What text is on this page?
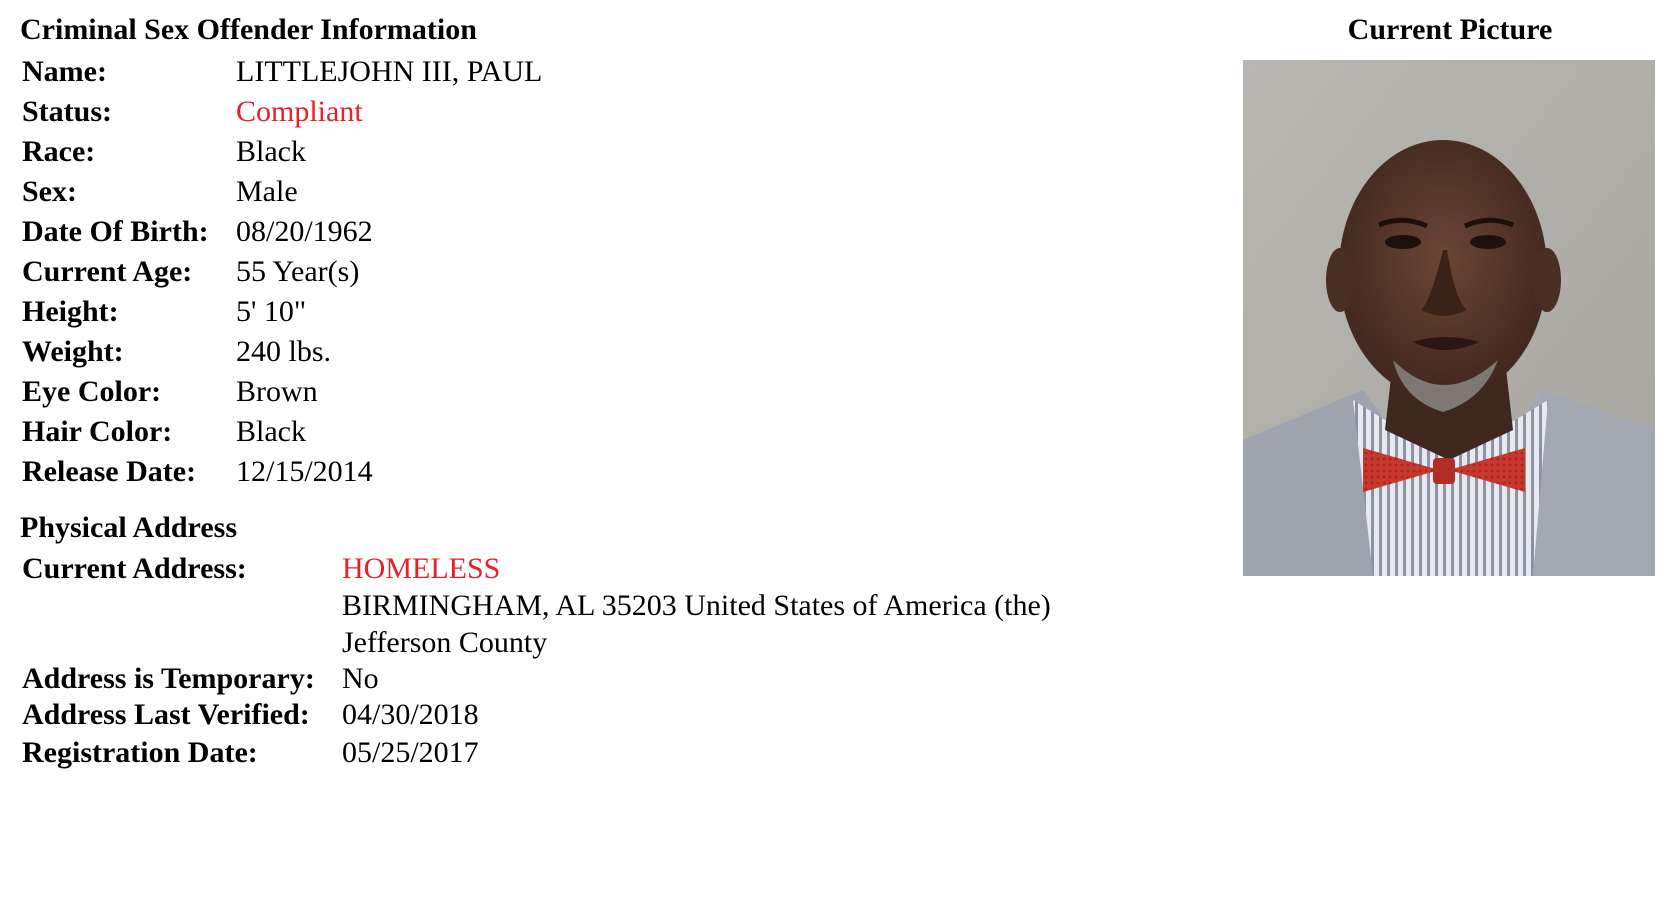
Criminal Sex Offender Information
Name:	LITTLEJOHN III, PAUL
Status:	Compliant
Race:	Black
Sex:	Male
Date Of Birth:	08/20/1962
Current Age:	55 Year(s)
Height:	5' 10"
Weight:	240 lbs.
Eye Color:	Brown
Hair Color:	Black
Release Date:	12/15/2014
Physical Address
Current Address:	HOMELESS
BIRMINGHAM, AL 35203 United States of America (the)
Jefferson County

Address is Temporary:	No
Address Last Verified:	04/30/2018
Registration Date:	05/25/2017
Current Picture
